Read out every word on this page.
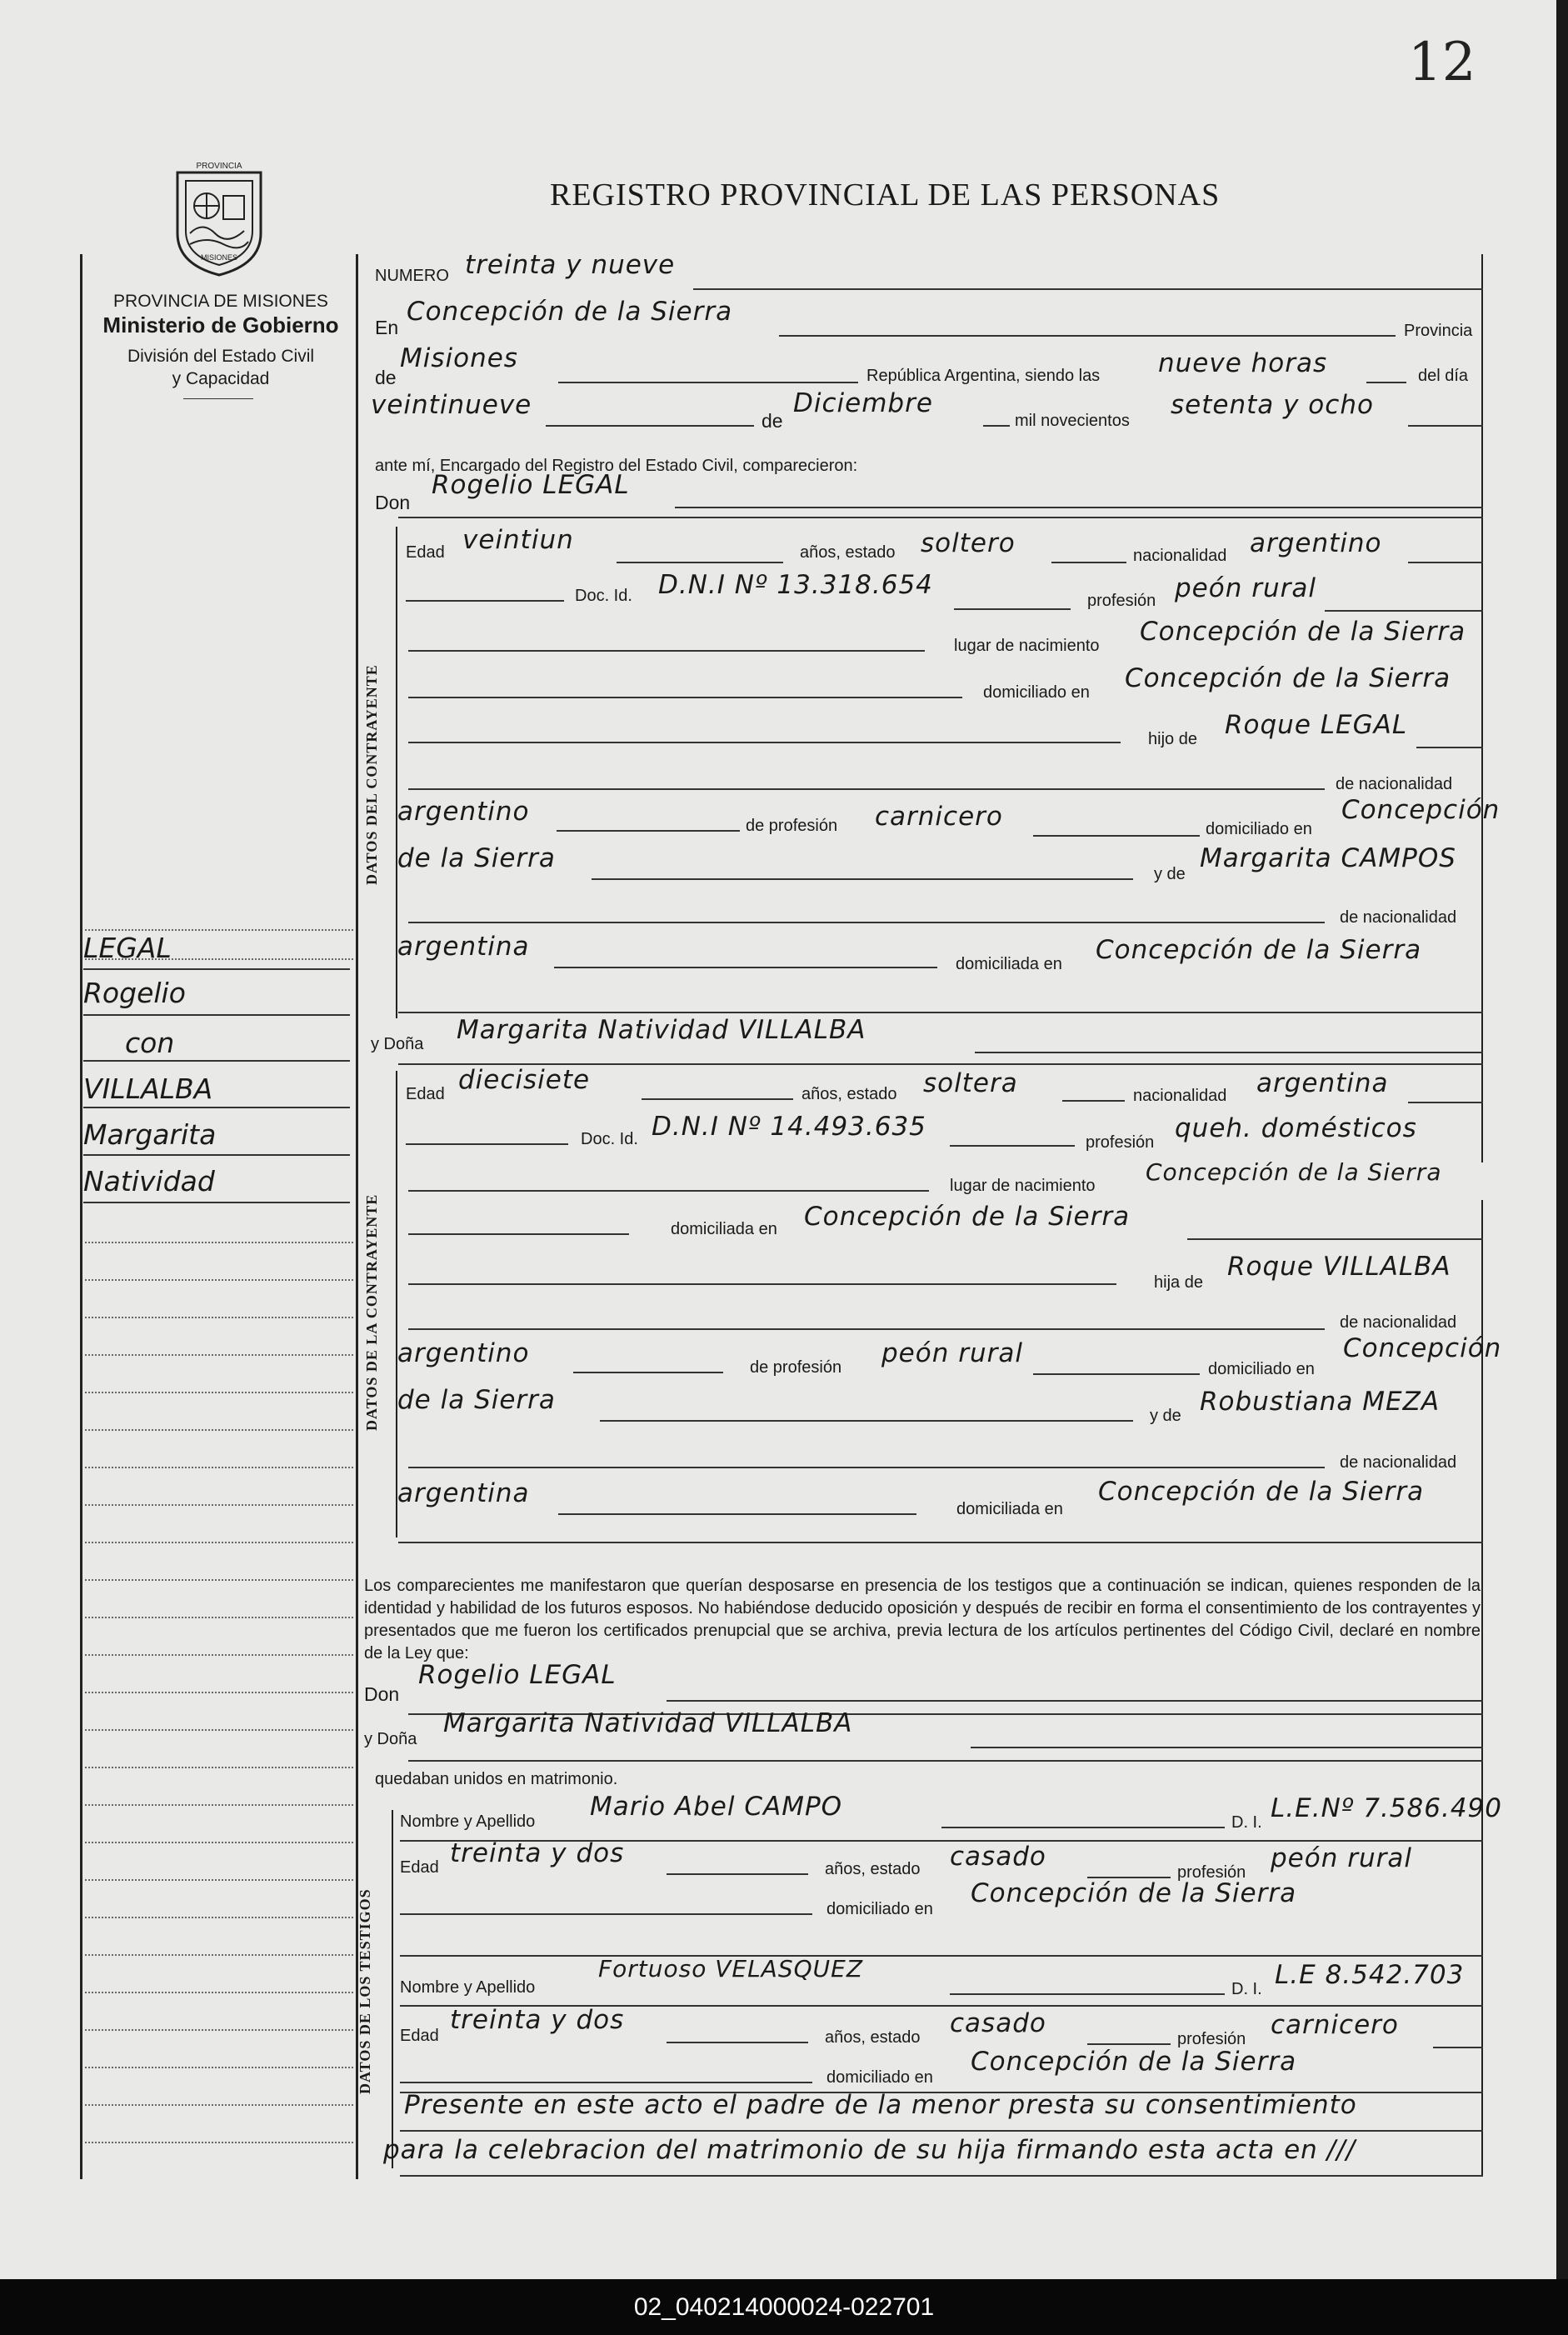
02_040214000024-022701
12
REGISTRO PROVINCIAL DE LAS PERSONAS
PROVINCIA
MISIONES
PROVINCIA DE MISIONES
Ministerio de Gobierno
División del Estado Civil
y Capacidad
LEGAL
Rogelio
con
VILLALBA
Margarita
Natividad
NUMERO treinta y nueve
En
Concepción de la Sierra
Provincia
de
Misiones
República Argentina, siendo las nueve horas	del día
veintinueve
de
Diciembre
mil novecientos
setenta y ocho
ante mí, Encargado del Registro del Estado Civil, comparecieron:
Don
Rogelio LEGAL
DATOS DEL CONTRAYENTE
Edad veintiun	años, estado soltero	nacionalidad argentino
Doc. Id. D.N.I Nº 13.318.654
profesión peón rural
lugar de nacimiento Concepción de la Sierra
domiciliado en Concepción de la Sierra
hijo de Roque LEGAL
de nacionalidad
argentino	de profesión carnicero	domiciliado en
Concepción
de la Sierra
y de
Margarita CAMPOS
de nacionalidad
argentina
domiciliada en Concepción de la Sierra
y Doña Margarita Natividad VILLALBA
DATOS DE LA CONTRAYENTE
Edad diecisiete	años, estado soltera	nacionalidad argentina
Doc. Id. D.N.I Nº 14.493.635
profesión queh. domésticos
lugar de nacimiento Concepción de la Sierra
domiciliada en Concepción de la Sierra
hija de
Roque VILLALBA
de nacionalidad
argentino	de profesión peón rural
domiciliado en
Concepción
de la Sierra
y de Robustiana MEZA
de nacionalidad
argentina
domiciliada en
Concepción de la Sierra
Los comparecientes me manifestaron que querían desposarse en presencia de los testigos que a continuación se indican, quienes responden de la identidad y habilidad de los futuros esposos. No habiéndose deducido oposición y después de recibir en forma el consentimiento de los contrayentes y presentados que me fueron los certificados prenupcial que se archiva, previa lectura de los artículos pertinentes del Código Civil, declaré en nombre de la Ley que:
Don
Rogelio LEGAL
y Doña
Margarita Natividad VILLALBA
quedaban unidos en matrimonio.
DATOS DE LOS TESTIGOS
Nombre y Apellido Mario Abel CAMPO
D. I. L.E.Nº 7.586.490
Edad treinta y dos
años, estado casado
profesión peón rural
domiciliado en
Concepción de la Sierra
Nombre y Apellido
Fortuoso VELASQUEZ
D. I. L.E 8.542.703
Edad
treinta y dos
años, estado casado
profesión carnicero
domiciliado en
Concepción de la Sierra
Presente en este acto el padre de la menor presta su consentimiento
para la celebracion del matrimonio de su hija firmando esta acta en ///
